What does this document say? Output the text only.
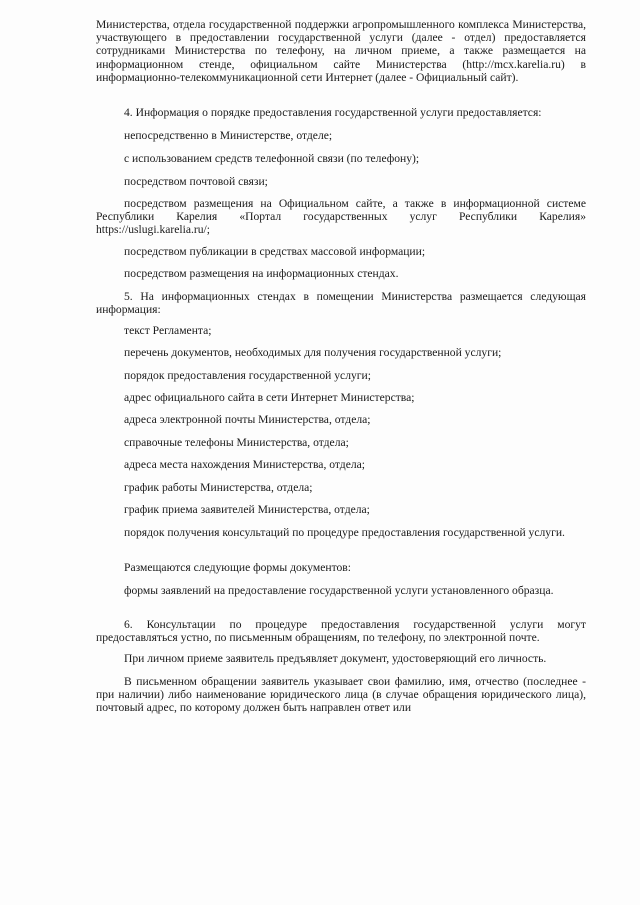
Министерства, отдела государственной поддержки агропромышленного комплекса Министерства, участвующего в предоставлении государственной услуги (далее - отдел) предоставляется сотрудниками Министерства по телефону, на личном приеме, а также размещается на информационном стенде, официальном сайте Министерства (http://mcx.karelia.ru) в информационно-телекоммуникационной сети Интернет (далее - Официальный сайт).

4. Информация о порядке предоставления государственной услуги предоставляется:

непосредственно в Министерстве, отделе;

с использованием средств телефонной связи (по телефону);

посредством почтовой связи;

посредством размещения на Официальном сайте, а также в информационной системе Республики Карелия «Портал государственных услуг Республики Карелия» https://uslugi.karelia.ru/;

посредством публикации в средствах массовой информации;

посредством размещения на информационных стендах.

5. На информационных стендах в помещении Министерства размещается следующая информация:

текст Регламента;

перечень документов, необходимых для получения государственной услуги;

порядок предоставления государственной услуги;

адрес официального сайта в сети Интернет Министерства;

адреса электронной почты Министерства, отдела;

справочные телефоны Министерства, отдела;

адреса места нахождения Министерства, отдела;

график работы Министерства, отдела;

график приема заявителей Министерства, отдела;

порядок получения консультаций по процедуре предоставления государственной услуги.

Размещаются следующие формы документов:

формы заявлений на предоставление государственной услуги установленного образца.

6. Консультации по процедуре предоставления государственной услуги могут предоставляться устно, по письменным обращениям, по телефону, по электронной почте.

При личном приеме заявитель предъявляет документ, удостоверяющий его личность.

В письменном обращении заявитель указывает свои фамилию, имя, отчество (последнее - при наличии) либо наименование юридического лица (в случае обращения юридического лица), почтовый адрес, по которому должен быть направлен ответ или
